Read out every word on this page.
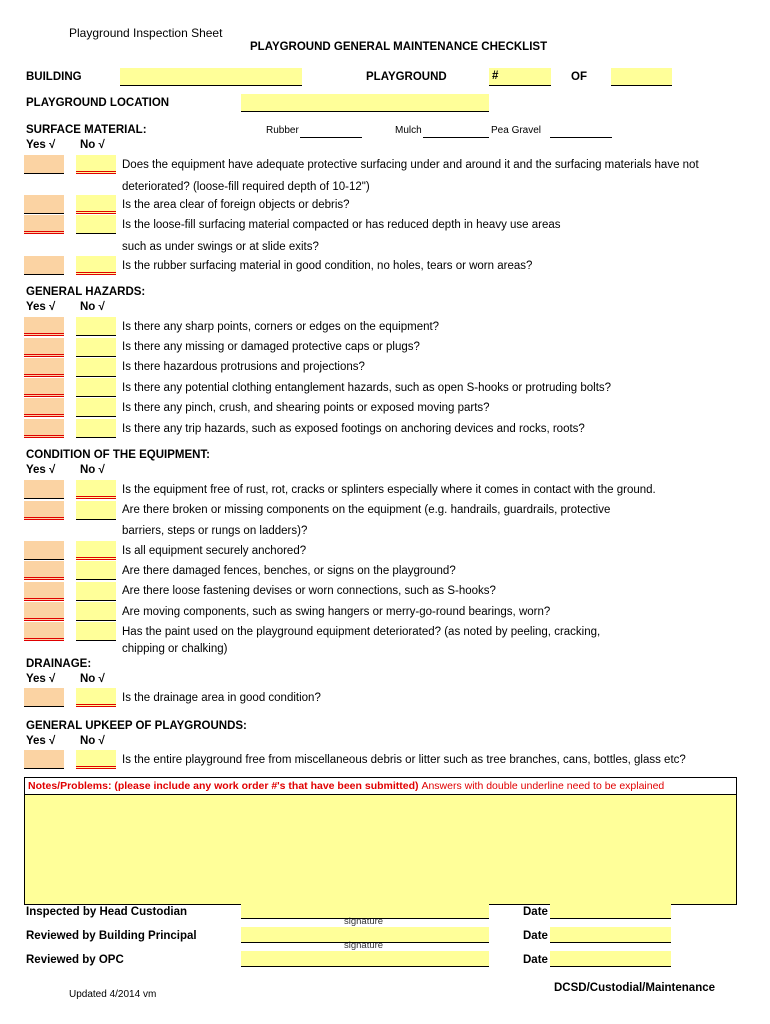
Playground Inspection Sheet
PLAYGROUND GENERAL MAINTENANCE CHECKLIST
BUILDING	PLAYGROUND	#	OF
PLAYGROUND LOCATION
SURFACE MATERIAL:	Rubber	Mulch	Pea Gravel
Yes √ No √
Does the equipment have adequate protective surfacing under and around it and the surfacing materials have not
deteriorated? (loose-fill required depth of 10-12")
Is the area clear of foreign objects or debris?
Is the loose-fill surfacing material compacted or has reduced depth in heavy use areas
such as under swings or at slide exits?
Is the rubber surfacing material in good condition, no holes, tears or worn areas?
GENERAL HAZARDS:
Yes √ No √
Is there any sharp points, corners or edges on the equipment?
Is there any missing or damaged protective caps or plugs?
Is there hazardous protrusions and projections?
Is there any potential clothing entanglement hazards, such as open S-hooks or protruding bolts?
Is there any pinch, crush, and shearing points or exposed moving parts?
Is there any trip hazards, such as exposed footings on anchoring devices and rocks, roots?
CONDITION OF THE EQUIPMENT:
Yes √ No √
Is the equipment free of rust, rot, cracks or splinters especially where it comes in contact with the ground.
Are there broken or missing components on the equipment (e.g. handrails, guardrails, protective
barriers, steps or rungs on ladders)?
Is all equipment securely anchored?
Are there damaged fences, benches, or signs on the playground?
Are there loose fastening devises or worn connections, such as S-hooks?
Are moving components, such as swing hangers or merry-go-round bearings, worn?
Has the paint used on the playground equipment deteriorated? (as noted by peeling, cracking,
chipping or chalking)
DRAINAGE:
Yes √ No √
Is the drainage area in good condition?
GENERAL UPKEEP OF PLAYGROUNDS:
Yes √ No √
Is the entire playground free from miscellaneous debris or litter such as tree branches, cans, bottles, glass etc?
Notes/Problems: (please include any work order #'s that have been submitted) Answers with double underline need to be explained
Inspected by Head Custodian
signature
Date
Reviewed by Building Principal
signature
Date
Reviewed by OPC	Date
Updated 4/2014 vm
DCSD/Custodial/Maintenance
